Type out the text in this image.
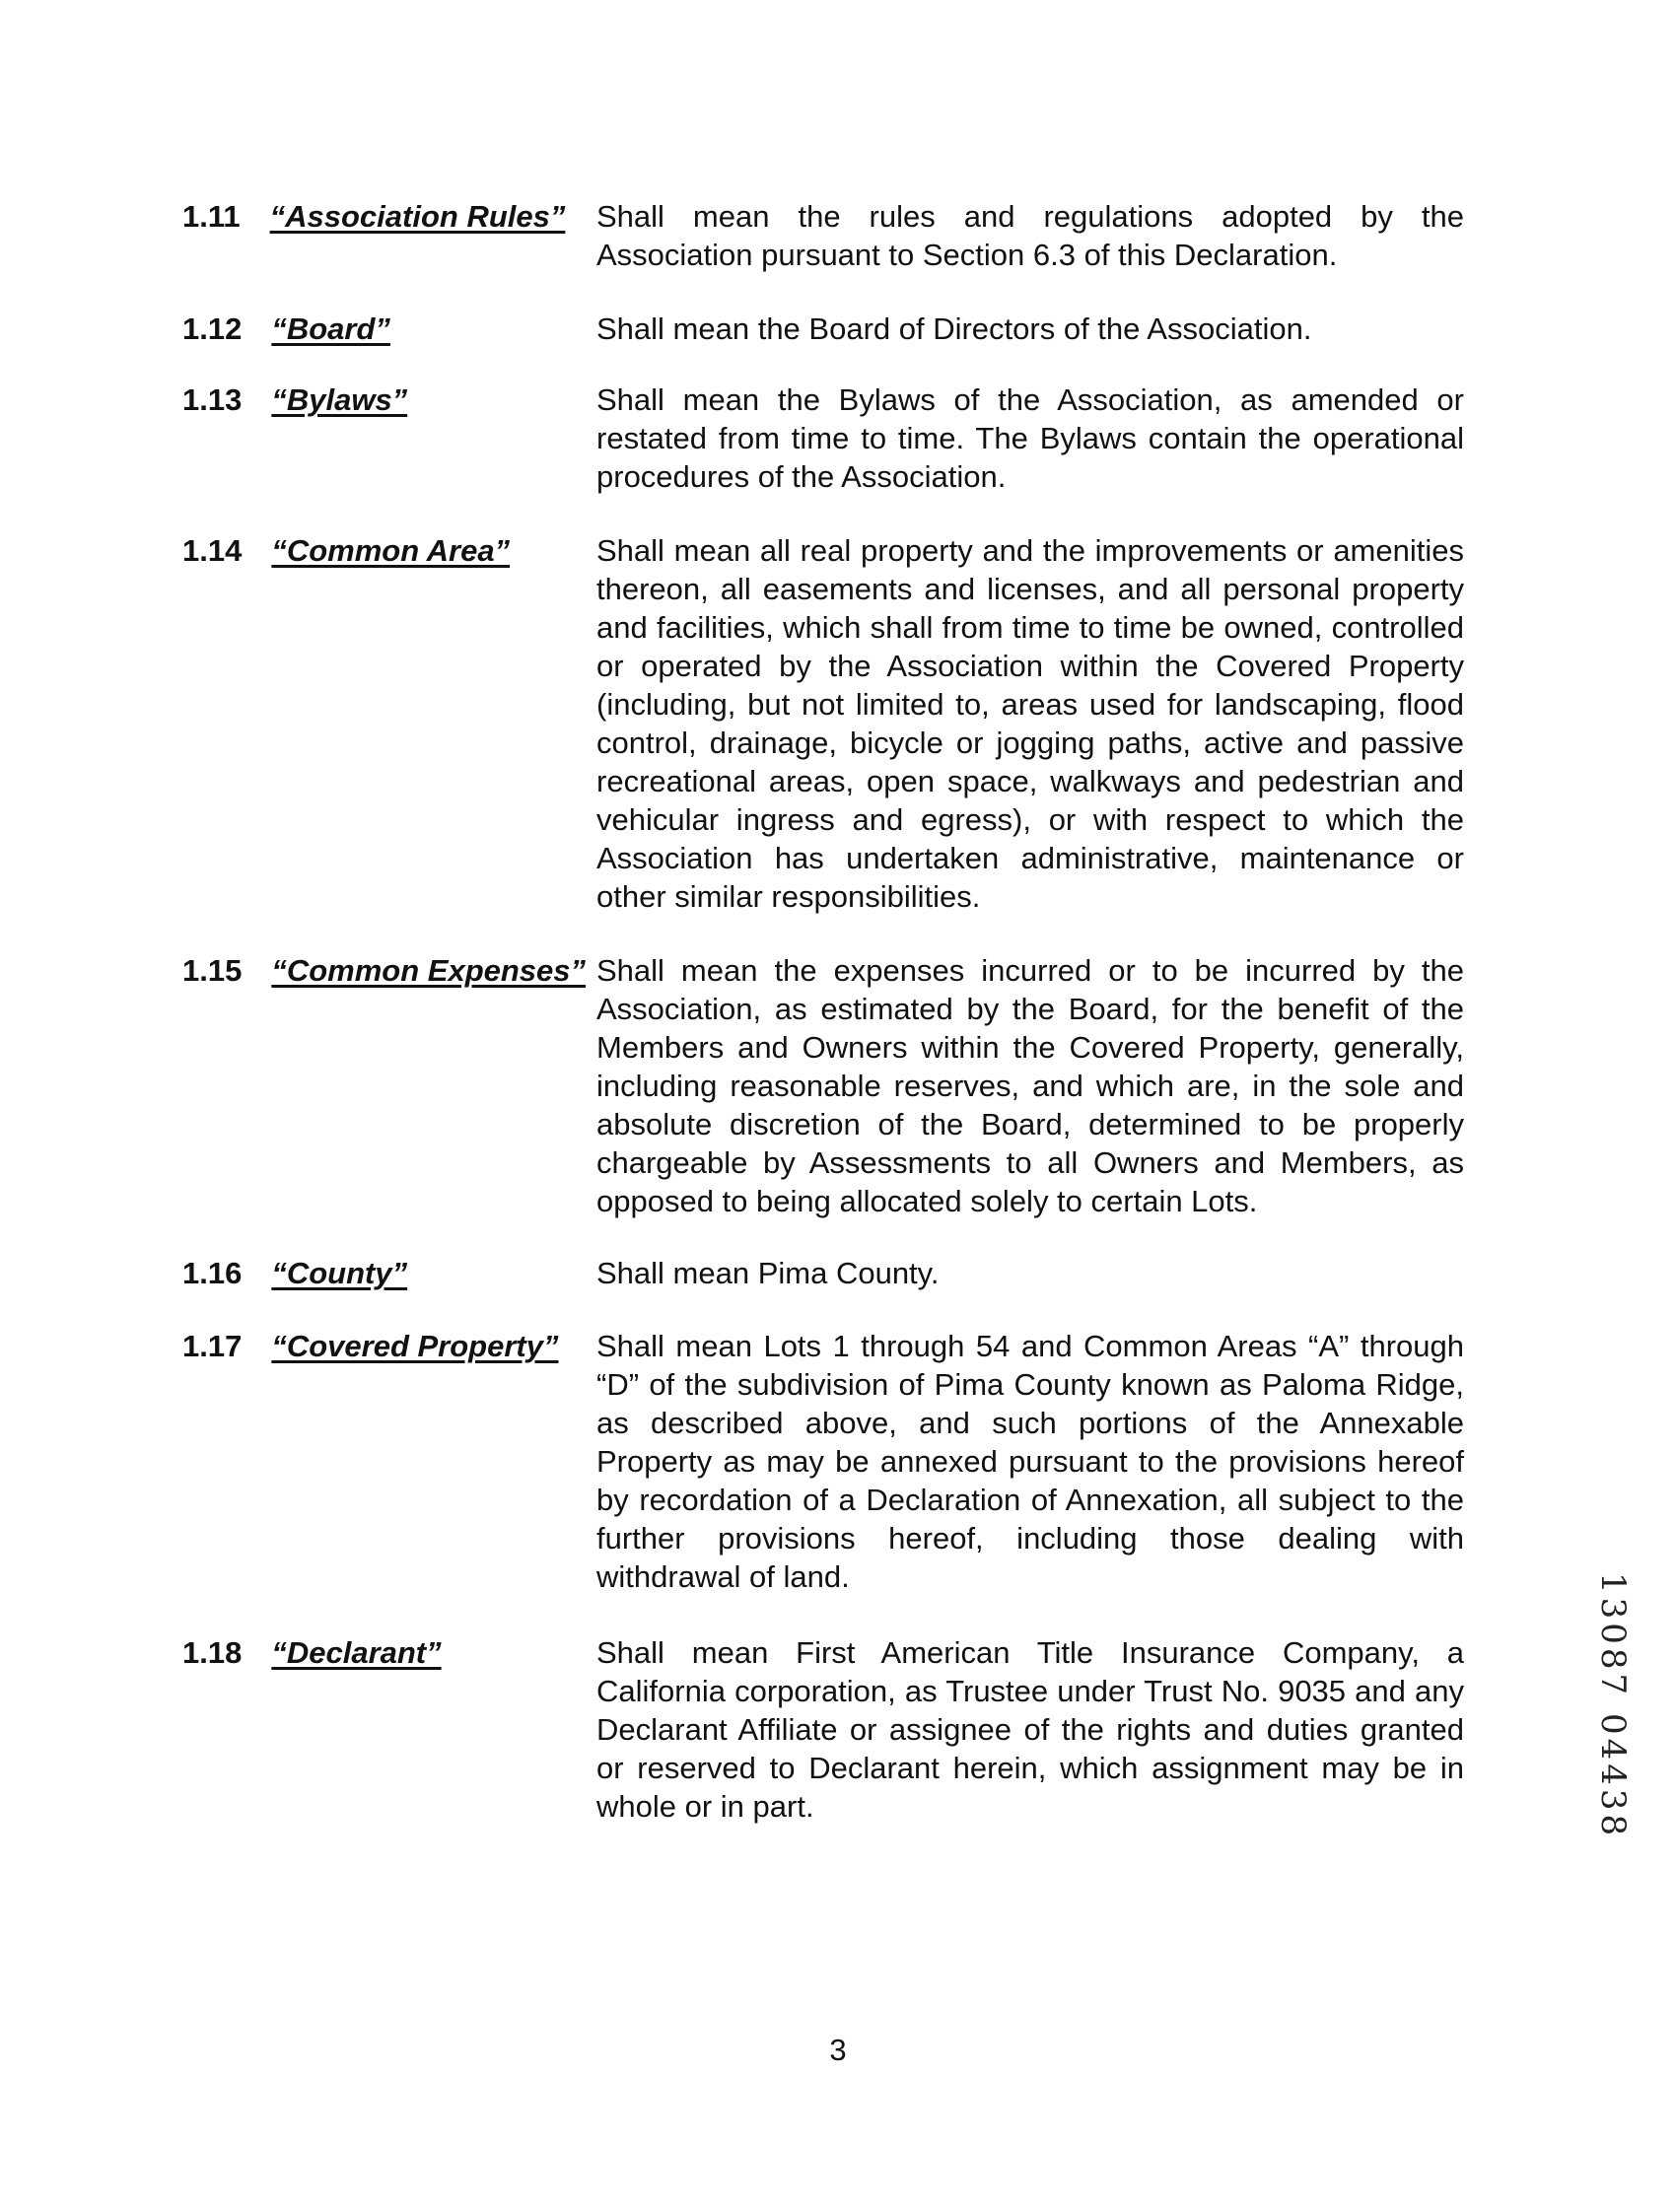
1.11 “Association Rules”	Shall mean the rules and regulations adopted by the Association pursuant to Section 6.3 of this Declaration.
1.12 “Board”	Shall mean the Board of Directors of the Association.
1.13 “Bylaws”	Shall mean the Bylaws of the Association, as amended or restated from time to time. The Bylaws contain the operational procedures of the Association.
1.14 “Common Area”	Shall mean all real property and the improvements or amenities thereon, all easements and licenses, and all personal property and facilities, which shall from time to time be owned, controlled or operated by the Association within the Covered Property (including, but not limited to, areas used for landscaping, flood control, drainage, bicycle or jogging paths, active and passive recreational areas, open space, walkways and pedestrian and vehicular ingress and egress), or with respect to which the Association has undertaken administrative, maintenance or other similar responsibilities.
1.15 “Common Expenses” Shall mean the expenses incurred or to be incurred by the Association, as estimated by the Board, for the benefit of the Members and Owners within the Covered Property, generally, including reasonable reserves, and which are, in the sole and absolute discretion of the Board, determined to be properly chargeable by Assessments to all Owners and Members, as opposed to being allocated solely to certain Lots.
1.16 “County”	Shall mean Pima County.
1.17 “Covered Property”	Shall mean Lots 1 through 54 and Common Areas “A” through “D” of the subdivision of Pima County known as Paloma Ridge, as described above, and such portions of the Annexable Property as may be annexed pursuant to the provisions hereof by recordation of a Declaration of Annexation, all subject to the further provisions hereof, including those dealing with withdrawal of land.
1.18 “Declarant”	Shall mean First American Title Insurance Company, a California corporation, as Trustee under Trust No. 9035 and any Declarant Affiliate or assignee of the rights and duties granted or reserved to Declarant herein, which assignment may be in whole or in part.	13087 04438
3
